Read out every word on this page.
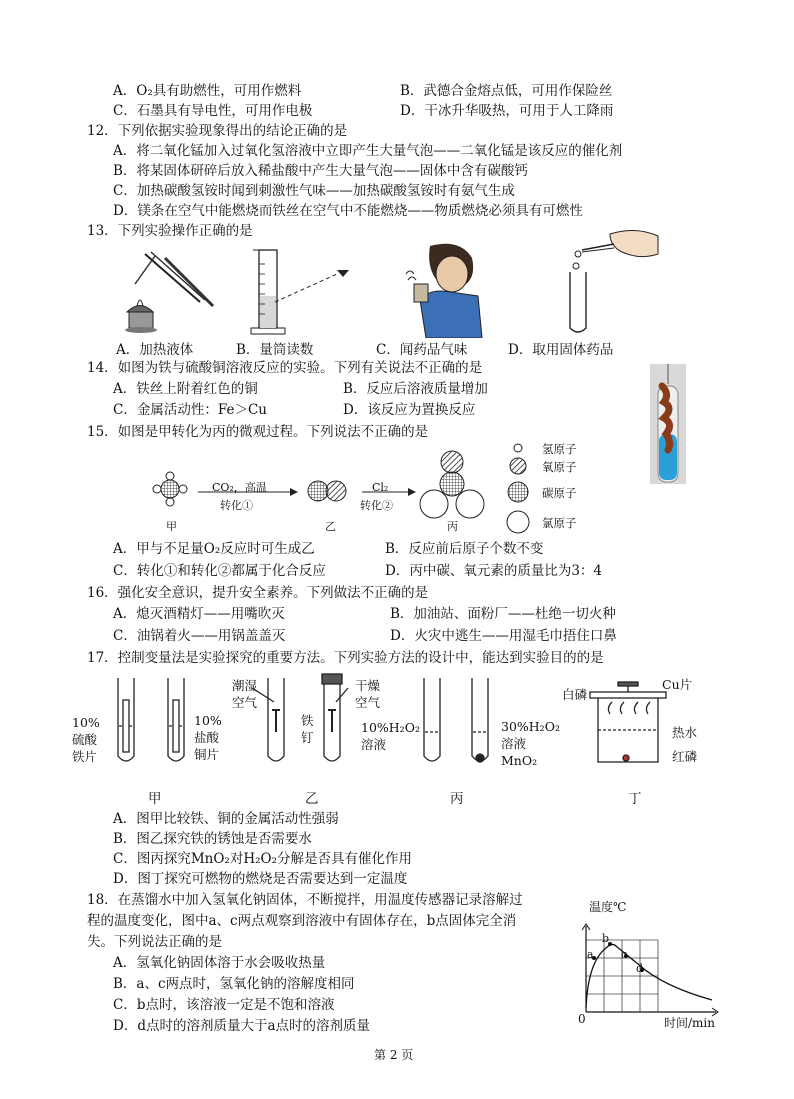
A．O₂具有助燃性，可用作燃料	B．武德合金熔点低，可用作保险丝
C．石墨具有导电性，可用作电极	D．干冰升华吸热，可用于人工降雨
12．下列依据实验现象得出的结论正确的是
A．将二氧化锰加入过氧化氢溶液中立即产生大量气泡——二氧化锰是该反应的催化剂
B．将某固体研碎后放入稀盐酸中产生大量气泡——固体中含有碳酸钙
C．加热碳酸氢铵时闻到刺激性气味——加热碳酸氢铵时有氨气生成
D．镁条在空气中能燃烧而铁丝在空气中不能燃烧——物质燃烧必须具有可燃性
13．下列实验操作正确的是
A．加热液体	B．量筒读数	C．闻药品气味	D．取用固体药品
14．如图为铁与硫酸铜溶液反应的实验。下列有关说法不正确的是
A．铁丝上附着红色的铜	B．反应后溶液质量增加
C．金属活动性：Fe＞Cu	D．该反应为置换反应
15．如图是甲转化为丙的微观过程。下列说法不正确的是
CO₂，高温
转化①
Cl₂
转化②
甲	乙	丙
氢原子
氧原子
碳原子
氯原子
A．甲与不足量O₂反应时可生成乙	B．反应前后原子个数不变
C．转化①和转化②都属于化合反应	D．丙中碳、氧元素的质量比为3：4
16．强化安全意识，提升安全素养。下列做法不正确的是
A．熄灭酒精灯——用嘴吹灭	B．加油站、面粉厂——杜绝一切火种
C．油锅着火——用锅盖盖灭	D．火灾中逃生——用湿毛巾捂住口鼻
17．控制变量法是实验探究的重要方法。下列实验方法的设计中，能达到实验目的的是
10%
硫酸
铁片
10%
盐酸
铜片
潮湿
空气
铁
钉
干燥
空气
10%H₂O₂
溶液
30%H₂O₂
溶液
MnO₂
白磷
Cu片
热水
红磷
甲	乙	丙	丁
A．图甲比较铁、铜的金属活动性强弱
B．图乙探究铁的锈蚀是否需要水
C．图丙探究MnO₂对H₂O₂分解是否具有催化作用
D．图丁探究可燃物的燃烧是否需要达到一定温度
18．在蒸馏水中加入氢氧化钠固体，不断搅拌，用温度传感器记录溶解过
程的温度变化，图中a、c两点观察到溶液中有固体存在，b点固体完全消
失。下列说法正确的是
A．氢氧化钠固体溶于水会吸收热量
B．a、c两点时，氢氧化钠的溶解度相同
C．b点时，该溶液一定是不饱和溶液
D．d点时的溶剂质量大于a点时的溶剂质量
温度℃
时间/min
0
a
b
c
d
第 2 页
